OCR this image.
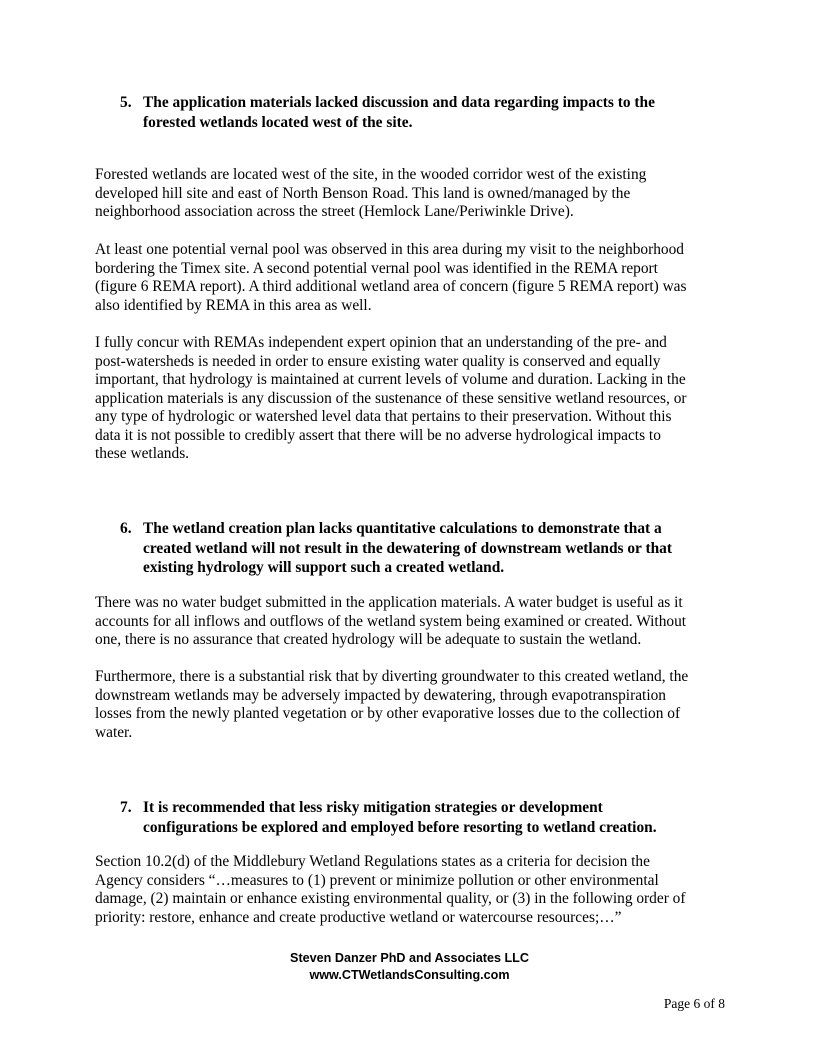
5. The application materials lacked discussion and data regarding impacts to the
forested wetlands located west of the site.
Forested wetlands are located west of the site, in the wooded corridor west of the existing
developed hill site and east of North Benson Road. This land is owned/managed by the
neighborhood association across the street (Hemlock Lane/Periwinkle Drive).
At least one potential vernal pool was observed in this area during my visit to the neighborhood
bordering the Timex site. A second potential vernal pool was identified in the REMA report
(figure 6 REMA report). A third additional wetland area of concern (figure 5 REMA report) was
also identified by REMA in this area as well.
I fully concur with REMAs independent expert opinion that an understanding of the pre- and
post-watersheds is needed in order to ensure existing water quality is conserved and equally
important, that hydrology is maintained at current levels of volume and duration. Lacking in the
application materials is any discussion of the sustenance of these sensitive wetland resources, or
any type of hydrologic or watershed level data that pertains to their preservation. Without this
data it is not possible to credibly assert that there will be no adverse hydrological impacts to
these wetlands.
6. The wetland creation plan lacks quantitative calculations to demonstrate that a
created wetland will not result in the dewatering of downstream wetlands or that
existing hydrology will support such a created wetland.
There was no water budget submitted in the application materials. A water budget is useful as it
accounts for all inflows and outflows of the wetland system being examined or created. Without
one, there is no assurance that created hydrology will be adequate to sustain the wetland.
Furthermore, there is a substantial risk that by diverting groundwater to this created wetland, the
downstream wetlands may be adversely impacted by dewatering, through evapotranspiration
losses from the newly planted vegetation or by other evaporative losses due to the collection of
water.
7. It is recommended that less risky mitigation strategies or development
configurations be explored and employed before resorting to wetland creation.
Section 10.2(d) of the Middlebury Wetland Regulations states as a criteria for decision the
Agency considers “…measures to (1) prevent or minimize pollution or other environmental
damage, (2) maintain or enhance existing environmental quality, or (3) in the following order of
priority: restore, enhance and create productive wetland or watercourse resources;…”
Steven Danzer PhD and Associates LLC
www.CTWetlandsConsulting.com
Page 6 of 8
